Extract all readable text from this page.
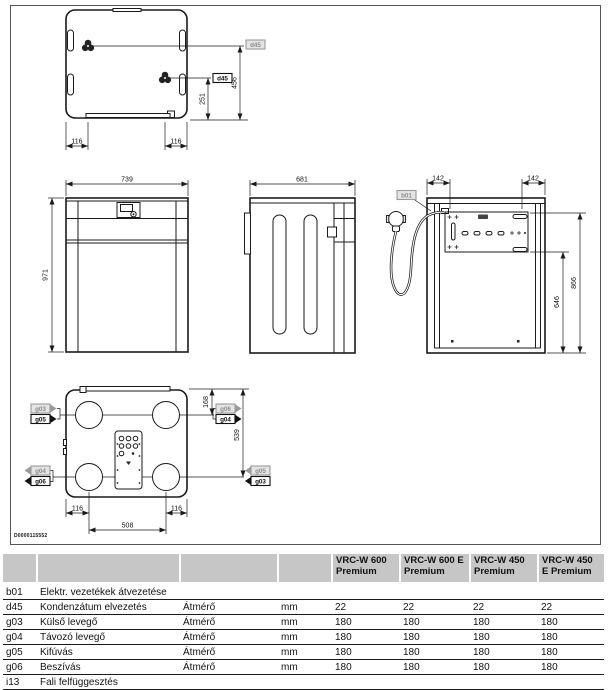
d45
d45 456
251
116	116
739
971
681
b01
142	142
646
866
g03
g05
g06
g04
g04
g06
g05
g03
168
539
116	116
508
D0000115552
				VRC-W 600 Premium	VRC-W 600 E Premium	VRC-W 450 Premium	VRC-W 450 E Premium

b01	Elektr. vezetékek átvezetése						
d45	Kondenzátum elvezetés	Átmérő	mm	22	22	22	22
g03	Külső levegő	Átmérő	mm	180	180	180	180
g04	Távozó levegő	Átmérő	mm	180	180	180	180
g05	Kifúvás	Átmérő	mm	180	180	180	180
g06	Beszívás	Átmérő	mm	180	180	180	180
i13	Fali felfüggesztés						
